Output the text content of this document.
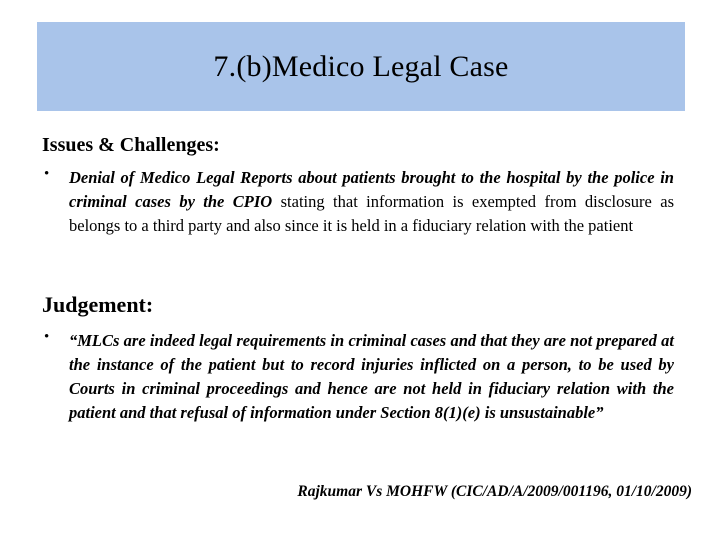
7.(b)Medico Legal Case
Issues & Challenges:
• Denial of Medico Legal Reports about patients brought to the hospital by the police in criminal cases by the CPIO stating that information is exempted from disclosure as belongs to a third party and also since it is held in a fiduciary relation with the patient

Judgement:
• “MLCs are indeed legal requirements in criminal cases and that they are not prepared at the instance of the patient but to record injuries inflicted on a person, to be used by Courts in criminal proceedings and hence are not held in fiduciary relation with the patient and that refusal of information under Section 8(1)(e) is unsustainable”

Rajkumar Vs MOHFW (CIC/AD/A/2009/001196, 01/10/2009)
